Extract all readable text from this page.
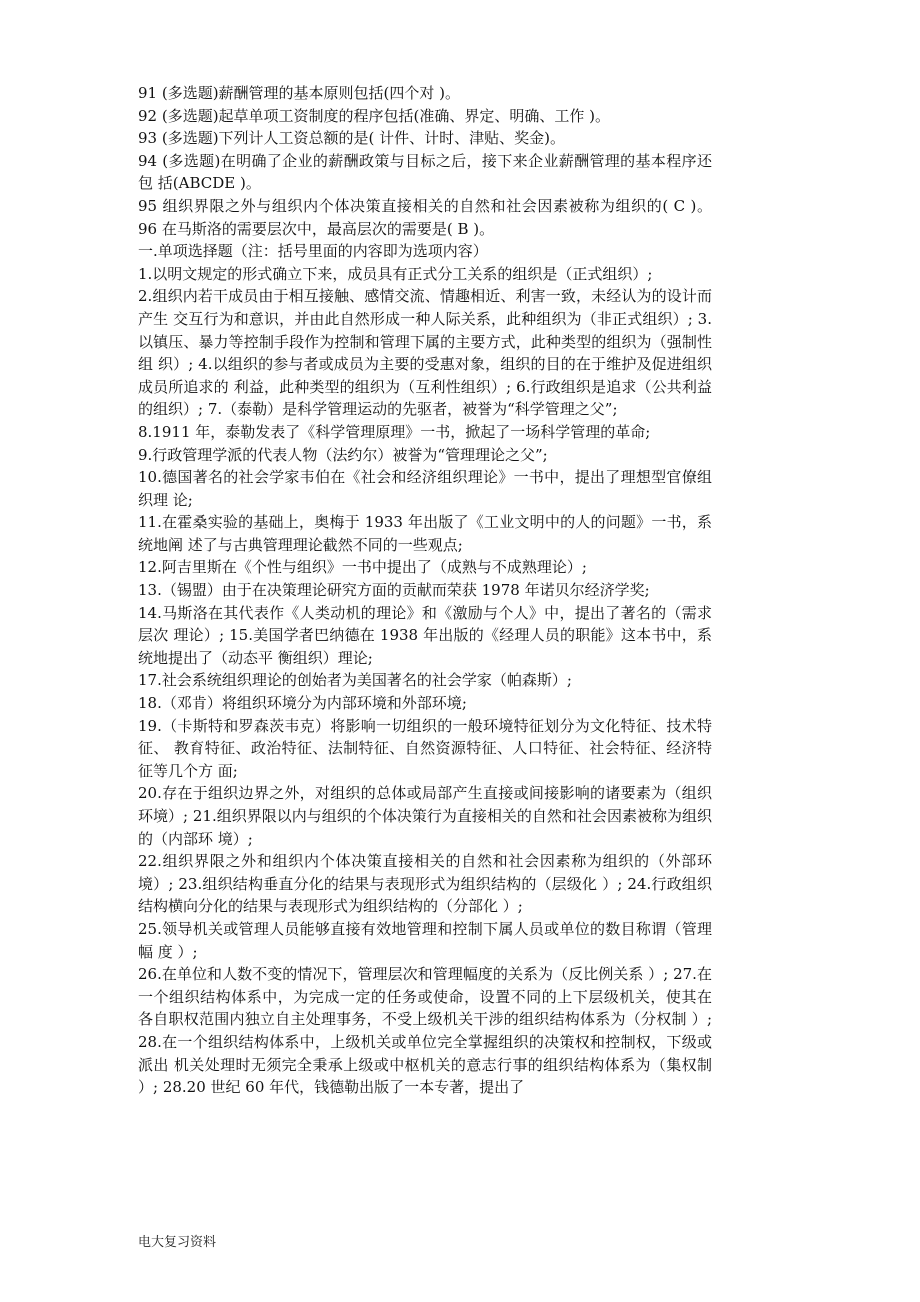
91 (多选题)薪酬管理的基本原则包括(四个对 )。

92 (多选题)起草单项工资制度的程序包括(准确、界定、明确、工作 )。

93 (多选题)下列计人工资总额的是( 计件、计时、津贴、奖金)。

94 (多选题)在明确了企业的薪酬政策与目标之后，接下来企业薪酬管理的基本程序还包 括(ABCDE )。

95 组织界限之外与组织内个体决策直接相关的自然和社会因素被称为组织的( C )。 96 在马斯洛的需要层次中，最高层次的需要是( B )。

一.单项选择题（注：括号里面的内容即为选项内容）

1.以明文规定的形式确立下来，成员具有正式分工关系的组织是（正式组织）;

2.组织内若干成员由于相互接触、感情交流、情趣相近、利害一致，未经认为的设计而产生 交互行为和意识，并由此自然形成一种人际关系，此种组织为（非正式组织）; 3.以镇压、暴力等控制手段作为控制和管理下属的主要方式，此种类型的组织为（强制性组 织）; 4.以组织的参与者或成员为主要的受惠对象，组织的目的在于维护及促进组织成员所追求的 利益，此种类型的组织为（互利性组织）; 6.行政组织是追求（公共利益的组织）; 7.（泰勒）是科学管理运动的先驱者，被誉为“科学管理之父”;

8.1911 年，泰勒发表了《科学管理原理》一书，掀起了一场科学管理的革命;

9.行政管理学派的代表人物（法约尔）被誉为“管理理论之父”;

10.德国著名的社会学家韦伯在《社会和经济组织理论》一书中，提出了理想型官僚组织理 论;

11.在霍桑实验的基础上，奥梅于 1933 年出版了《工业文明中的人的问题》一书，系统地阐 述了与古典管理理论截然不同的一些观点;

12.阿吉里斯在《个性与组织》一书中提出了（成熟与不成熟理论）;

13.（锡盟）由于在决策理论研究方面的贡献而荣获 1978 年诺贝尔经济学奖;

14.马斯洛在其代表作《人类动机的理论》和《激励与个人》中，提出了著名的（需求层次 理论）; 15.美国学者巴纳德在 1938 年出版的《经理人员的职能》这本书中，系统地提出了（动态平 衡组织）理论;

17.社会系统组织理论的创始者为美国著名的社会学家（帕森斯）;

18.（邓肯）将组织环境分为内部环境和外部环境;

19.（卡斯特和罗森茨韦克）将影响一切组织的一般环境特征划分为文化特征、技术特征、 教育特征、政治特征、法制特征、自然资源特征、人口特征、社会特征、经济特征等几个方 面;

20.存在于组织边界之外，对组织的总体或局部产生直接或间接影响的诸要素为（组织环境）; 21.组织界限以内与组织的个体决策行为直接相关的自然和社会因素被称为组织的（内部环 境）;

22.组织界限之外和组织内个体决策直接相关的自然和社会因素称为组织的（外部环境）; 23.组织结构垂直分化的结果与表现形式为组织结构的（层级化 ）; 24.行政组织结构横向分化的结果与表现形式为组织结构的（分部化 ）;

25.领导机关或管理人员能够直接有效地管理和控制下属人员或单位的数目称谓（管理幅 度 ）;

26.在单位和人数不变的情况下，管理层次和管理幅度的关系为（反比例关系 ）; 27.在一个组织结构体系中，为完成一定的任务或使命，设置不同的上下层级机关，使其在 各自职权范围内独立自主处理事务，不受上级机关干涉的组织结构体系为（分权制 ）; 28.在一个组织结构体系中，上级机关或单位完全掌握组织的决策权和控制权，下级或派出 机关处理时无须完全秉承上级或中枢机关的意志行事的组织结构体系为（集权制 ）; 28.20 世纪 60 年代，钱德勒出版了一本专著，提出了

电大复习资料
